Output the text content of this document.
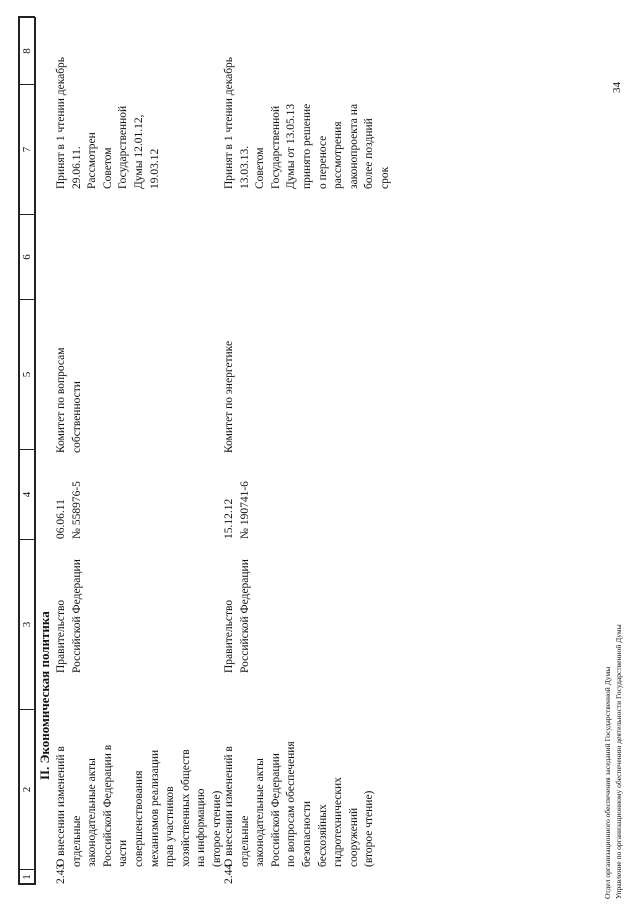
1
2
3
4
5
6
7
8
II. Экономическая политика
2.43
О внесении изменений в
отдельные
законодательные акты
Российской Федерации в
части
совершенствования
механизмов реализации
прав участников
хозяйственных обществ
на информацию
(второе чтение)
Правительство
Российской Федерации
06.06.11
№ 558976-5
Комитет по вопросам
собственности
Принят в 1 чтении декабрь
29.06.11.
Рассмотрен
Советом
Государственной
Думы 12.01.12,
19.03.12
2.44
О внесении изменений в
отдельные
законодательные акты
Российской Федерации
по вопросам обеспечения
безопасности
бесхозяйных
гидротехнических
сооружений
(второе чтение)
Правительство
Российской Федерации
15.12.12
№ 190741-6
Комитет по энергетике
Принят в 1 чтении декабрь
13.03.13.
Советом
Государственной
Думы от 13.05.13
принято решение
о переносе
рассмотрения
законопроекта на
более поздний
срок
34
Отдел организационного обеспечения заседаний Государственной Думы Управление по организационному обеспечению деятельности Государственной Думы
